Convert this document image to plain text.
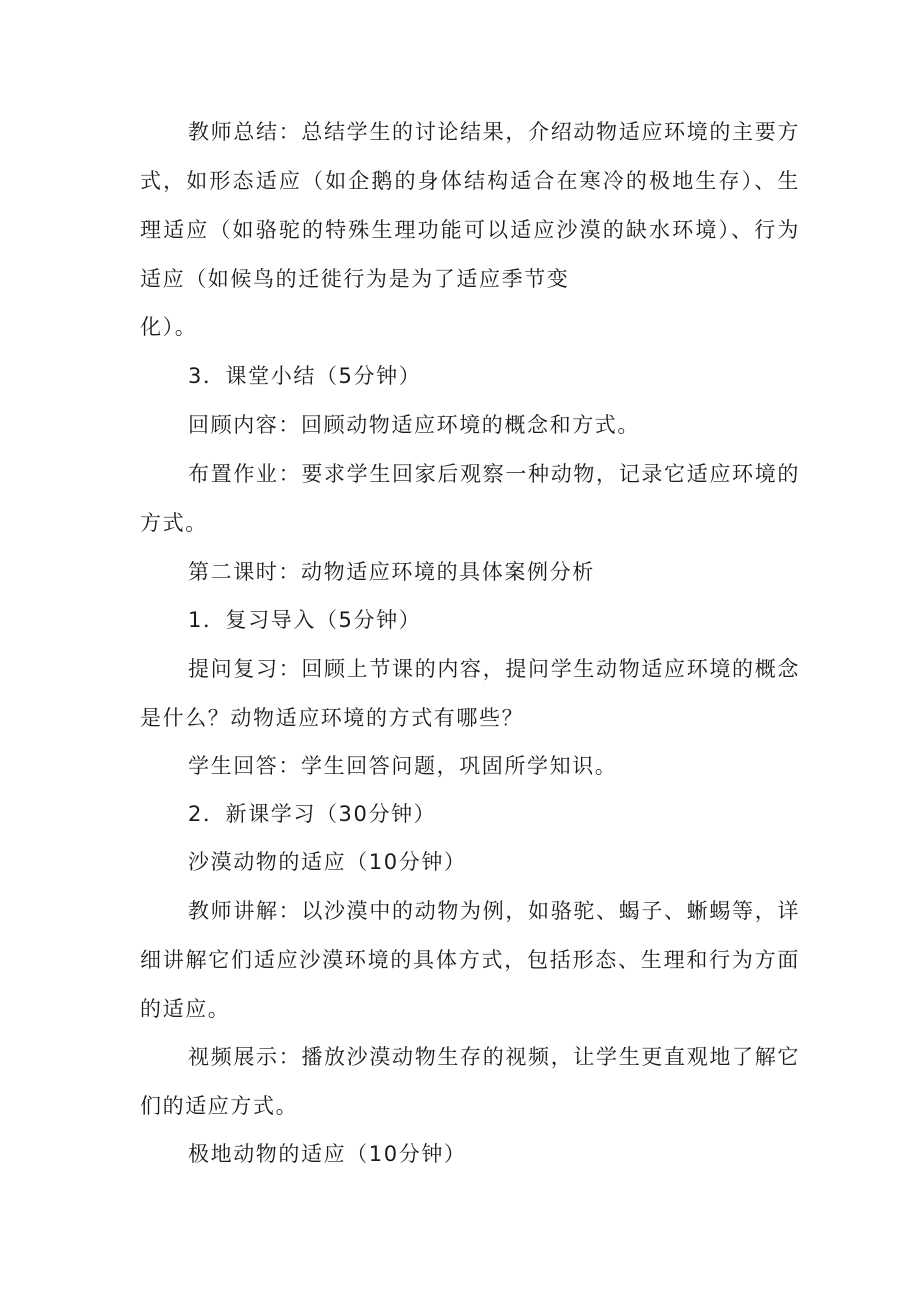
教师总结：总结学生的讨论结果，介绍动物适应环境的主要方式，如形态适应（如企鹅的身体结构适合在寒冷的极地生存）、生理适应（如骆驼的特殊生理功能可以适应沙漠的缺水环境）、行为适应（如候鸟的迁徙行为是为了适应季节变

化）。

3．课堂小结（5分钟）

回顾内容：回顾动物适应环境的概念和方式。

布置作业：要求学生回家后观察一种动物，记录它适应环境的方式。

第二课时：动物适应环境的具体案例分析

1．复习导入（5分钟）

提问复习：回顾上节课的内容，提问学生动物适应环境的概念是什么？动物适应环境的方式有哪些？

学生回答：学生回答问题，巩固所学知识。

2．新课学习（30分钟）

沙漠动物的适应（10分钟）

教师讲解：以沙漠中的动物为例，如骆驼、蝎子、蜥蜴等，详细讲解它们适应沙漠环境的具体方式，包括形态、生理和行为方面的适应。

视频展示：播放沙漠动物生存的视频，让学生更直观地了解它们的适应方式。

极地动物的适应（10分钟）
